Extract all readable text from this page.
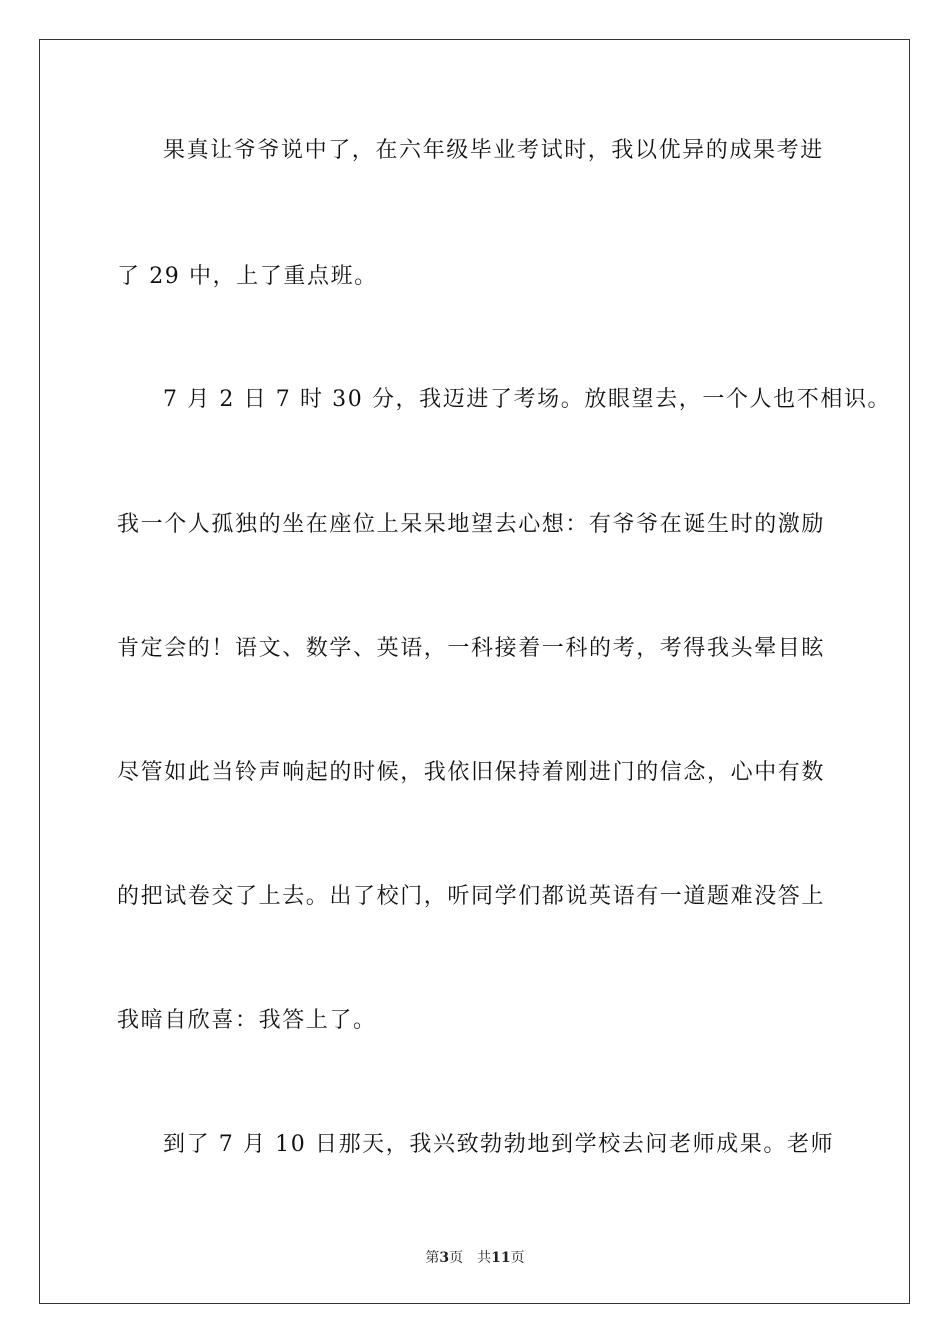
果真让爷爷说中了，在六年级毕业考试时，我以优异的成果考进
了 29 中，上了重点班。
7 月 2 日 7 时 30 分，我迈进了考场。放眼望去，一个人也不相识。
我一个人孤独的坐在座位上呆呆地望去心想：有爷爷在诞生时的激励
肯定会的！语文、数学、英语，一科接着一科的考，考得我头晕目眩
尽管如此当铃声响起的时候，我依旧保持着刚进门的信念，心中有数
的把试卷交了上去。出了校门，听同学们都说英语有一道题难没答上
我暗自欣喜：我答上了。
到了 7 月 10 日那天，我兴致勃勃地到学校去问老师成果。老师
第3页 共11页
